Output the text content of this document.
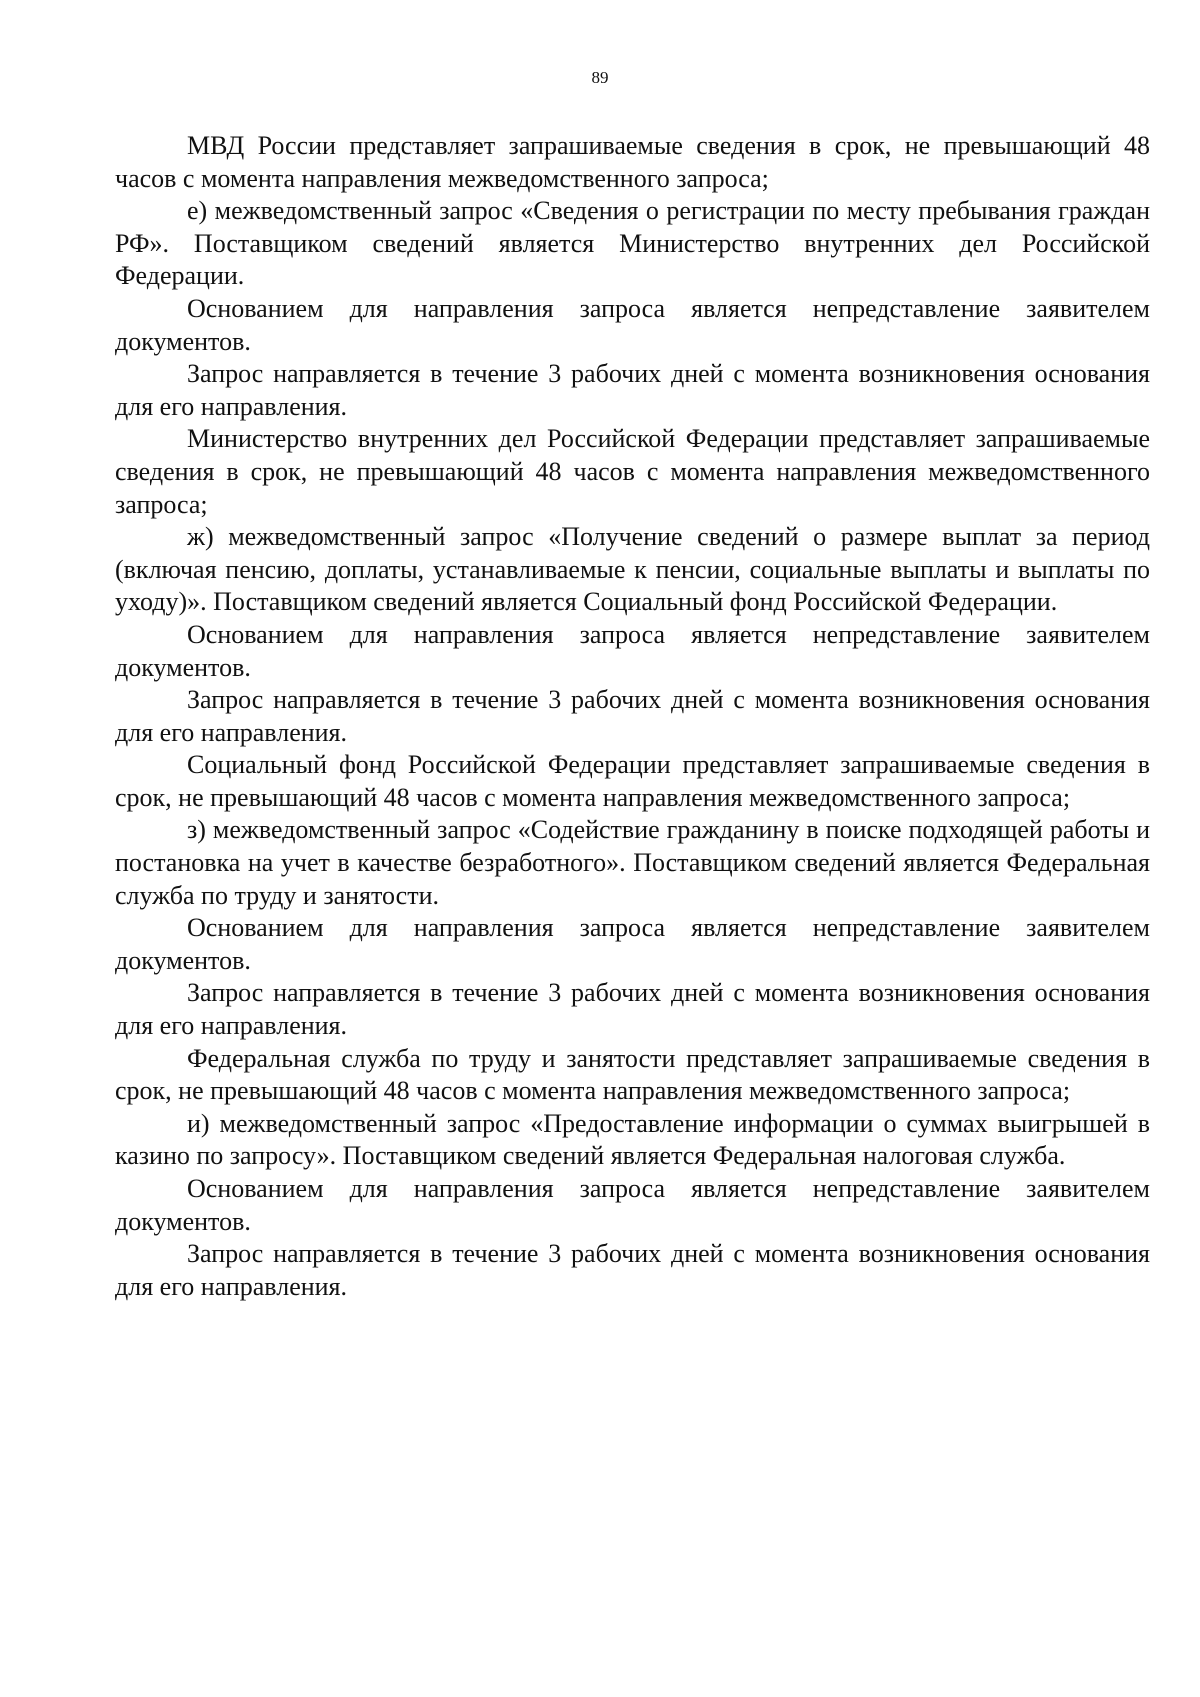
89

МВД России представляет запрашиваемые сведения в срок, не превышающий 48 часов с момента направления межведомственного запроса;

е) межведомственный запрос «Сведения о регистрации по месту пребывания граждан РФ». Поставщиком сведений является Министерство внутренних дел Российской Федерации.

Основанием для направления запроса является непредставление заявителем документов.

Запрос направляется в течение 3 рабочих дней с момента возникновения основания для его направления.

Министерство внутренних дел Российской Федерации представляет запрашиваемые сведения в срок, не превышающий 48 часов с момента направления межведомственного запроса;

ж) межведомственный запрос «Получение сведений о размере выплат за период (включая пенсию, доплаты, устанавливаемые к пенсии, социальные выплаты и выплаты по уходу)». Поставщиком сведений является Социальный фонд Российской Федерации.

Основанием для направления запроса является непредставление заявителем документов.

Запрос направляется в течение 3 рабочих дней с момента возникновения основания для его направления.

Социальный фонд Российской Федерации представляет запрашиваемые сведения в срок, не превышающий 48 часов с момента направления межведомственного запроса;

з) межведомственный запрос «Содействие гражданину в поиске подходящей работы и постановка на учет в качестве безработного». Поставщиком сведений является Федеральная служба по труду и занятости.

Основанием для направления запроса является непредставление заявителем документов.

Запрос направляется в течение 3 рабочих дней с момента возникновения основания для его направления.

Федеральная служба по труду и занятости представляет запрашиваемые сведения в срок, не превышающий 48 часов с момента направления межведомственного запроса;

и) межведомственный запрос «Предоставление информации о суммах выигрышей в казино по запросу». Поставщиком сведений является Федеральная налоговая служба.

Основанием для направления запроса является непредставление заявителем документов.

Запрос направляется в течение 3 рабочих дней с момента возникновения основания для его направления.
